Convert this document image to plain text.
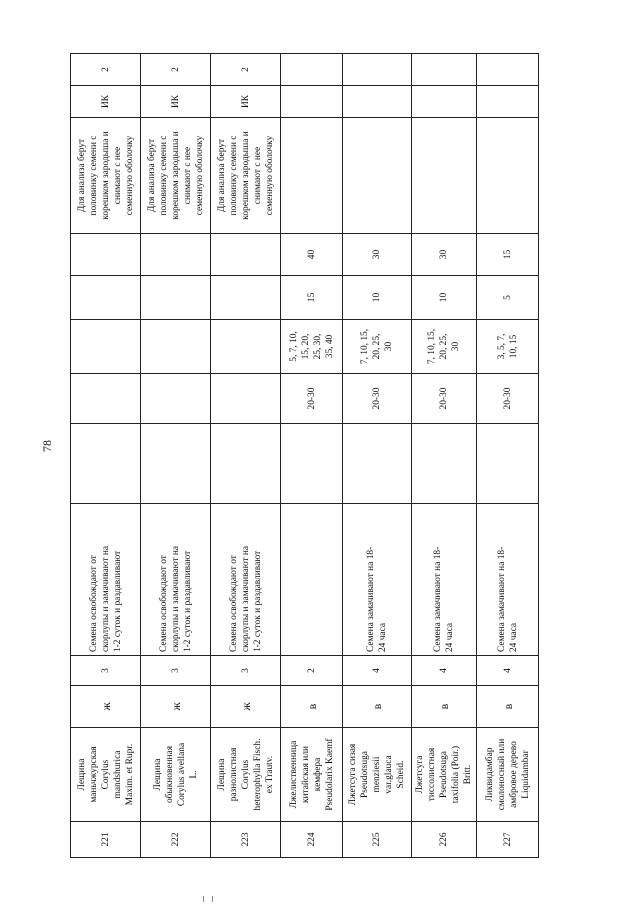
78
221	Лещина
маньчжурская
Corylus
mandshurica
Maxim. et Rupr.	ж	3	Семена освобождают от
скорлупы и замачивают на
1-2 суток и раздавливают						Для анализа берут
половинку семени с
корешком зародыша и
снимают с нее
семенную оболочку	ИК	2
222	Лещина
обыкновенная
Corylus avellana
L.	ж	3	Семена освобождают от
скорлупы и замачивают на
1-2 суток и раздавливают						Для анализа берут
половинку семени с
корешком зародыша и
снимают с нее
семенную оболочку	ИК	2
223	Лещина
разнолистная
Corylus
heterophylla Fisch.
ex Trautv.	ж	3	Семена освобождают от
скорлупы и замачивают на
1-2 суток и раздавливают						Для анализа берут
половинку семени с
корешком зародыша и
снимают с нее
семенную оболочку	ИК	2
224	Лжелиственница
китайская или
кемфера
Pseudolarix Kaemf	в	2			20-30	5, 7, 10,
15, 20,
25, 30,
35, 40	15	40			
225	Лжетсуга сизая
Pseudotsuga
menziesii
var.glauca
Scheid.	в	4	Семена замачивают на 18-
24 часа		20-30	7, 10, 15,
20, 25,
30	10	30			
226	Лжетсуга
тиссолистная
Pseudotsuga
taxifolia (Poir.)
Britt.	в	4	Семена замачивают на 18-
24 часа		20-30	7, 10, 15,
20, 25,
30	10	30			
227	Ликвидамбар
смолоносный или
амбровое дерево
Liquidambar	в	4	Семена замачивают на 18-
24 часа		20-30	3, 5, 7,
10, 15	5	15			
